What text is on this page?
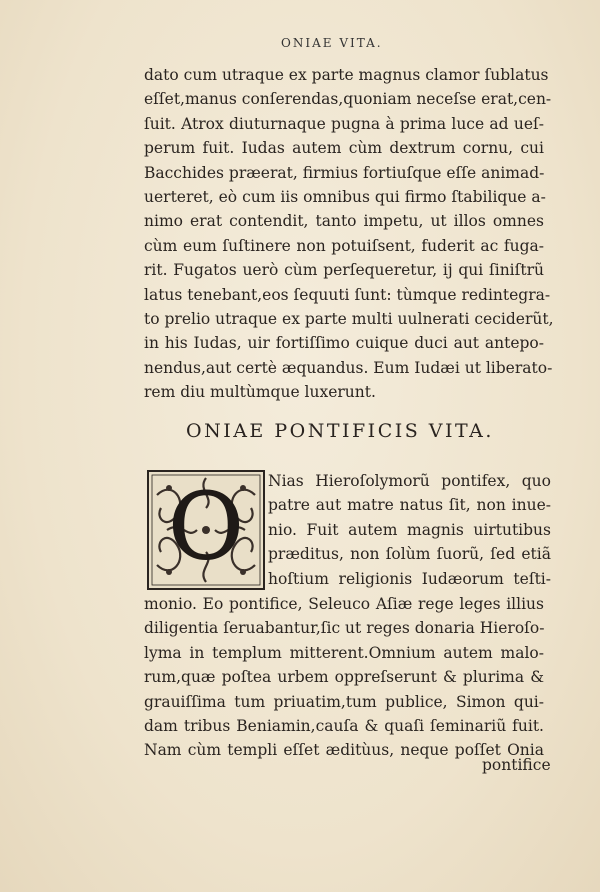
ONIAE VITA.
dato cum utraque ex parte magnus clamor ſublatus
eſſet,manus conſerendas,quoniam neceſse erat,cen-
ſuit. Atrox diuturnaque pugna à prima luce ad ueſ-
perum fuit. Iudas autem cùm dextrum cornu, cui
Bacchides præerat, firmius fortiuſque eſſe animad-
uerteret, eò cum iis omnibus qui firmo ſtabilique a-
nimo erat contendit, tanto impetu, ut illos omnes
cùm eum ſuſtinere non potuiſsent, fuderit ac fuga-
rit. Fugatos uerò cùm perſequeretur, ij qui ſiniſtrũ
latus tenebant,eos ſequuti ſunt: tùmque redintegra-
to prelio utraque ex parte multi uulnerati ceciderũt,
in his Iudas, uir fortiſſimo cuique duci aut antepo-
nendus,aut certè æquandus. Eum Iudæi ut liberato-
rem diu multùmque luxerunt.
ONIAE PONTIFICIS VITA.
O Nias Hieroſolymorũ pontifex, quo
patre aut matre natus ſit, non inue-
nio. Fuit autem magnis uirtutibus
præditus, non ſolùm ſuorũ, ſed etiã
hoſtium religionis Iudæorum teſti-
monio. Eo pontifice, Seleuco Aſiæ rege leges illius
diligentia ſeruabantur,ſic ut reges donaria Hieroſo-
lyma in templum mitterent.Omnium autem malo-
rum,quæ poſtea urbem oppreſserunt & plurima &
grauiſſima tum priuatim,tum publice, Simon qui-
dam tribus Beniamin,cauſa & quaſi ſeminariũ fuit.
Nam cùm templi eſſet æditùus, neque poſſet Onia
pontifice
